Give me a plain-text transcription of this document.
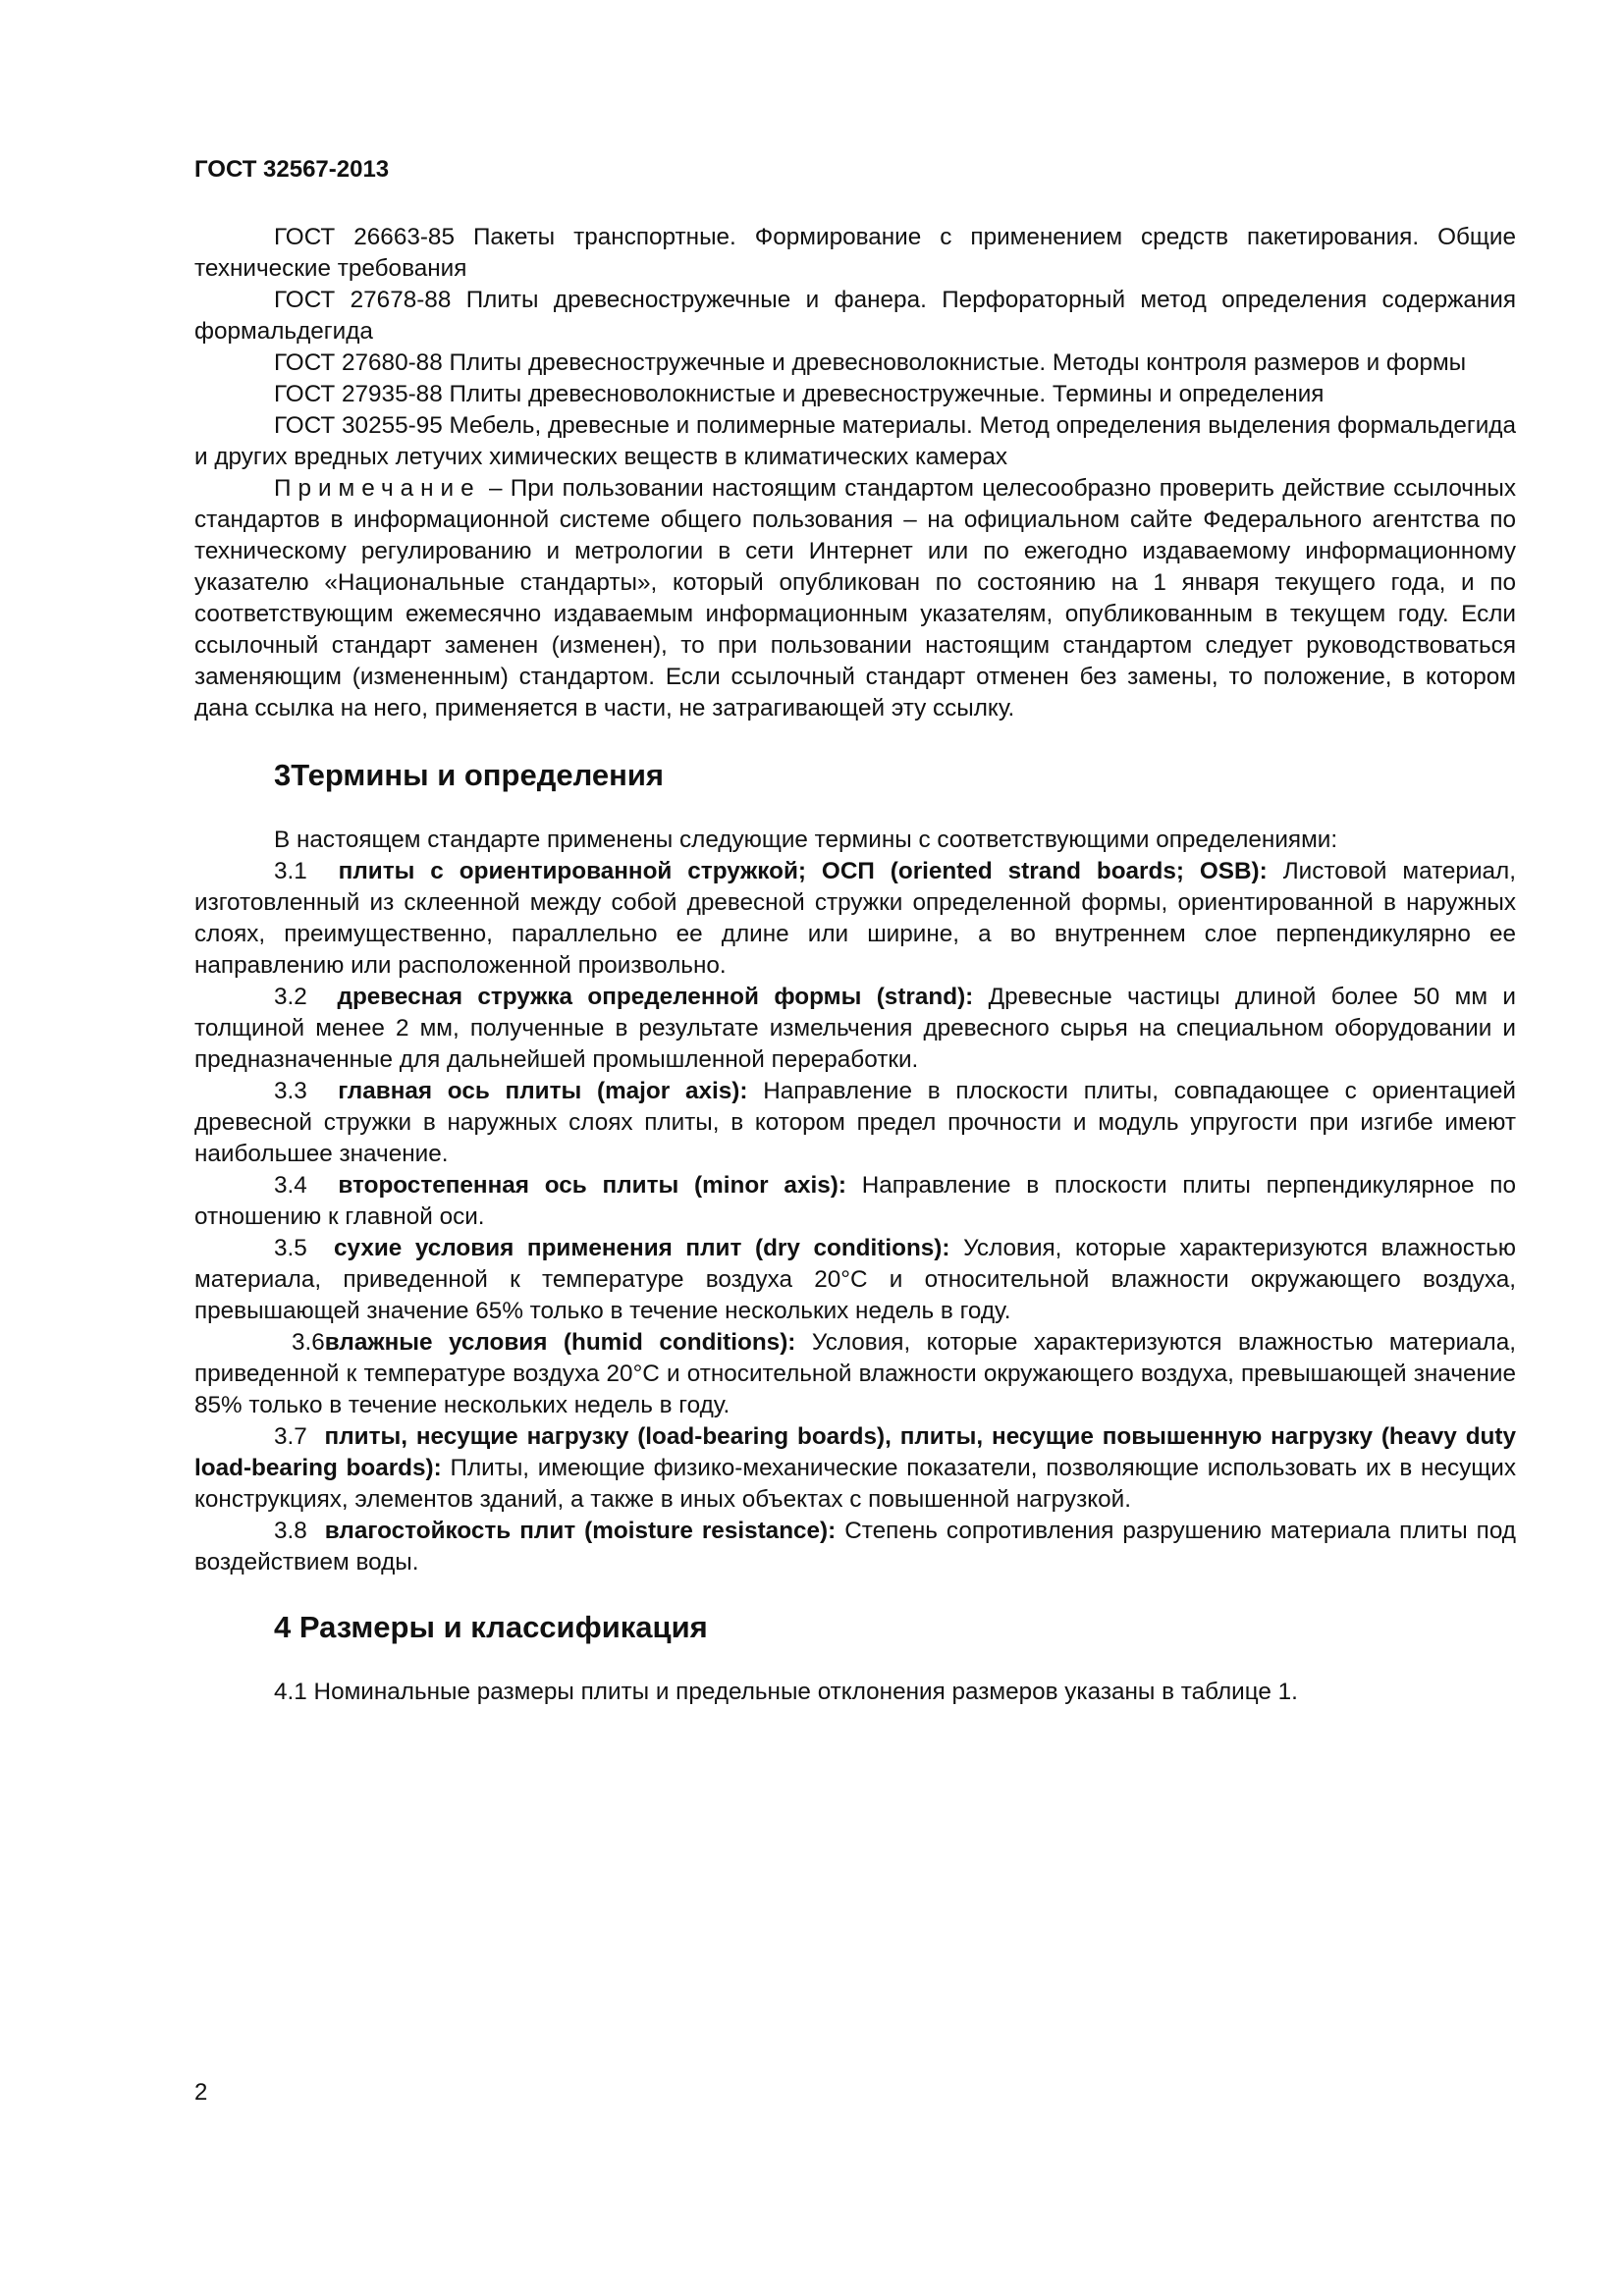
ГОСТ 32567-2013

ГОСТ 26663-85 Пакеты транспортные. Формирование с применением средств пакетирования. Общие технические требования

ГОСТ 27678-88 Плиты древесностружечные и фанера. Перфораторный метод определения содержания формальдегида

ГОСТ 27680-88 Плиты древесностружечные и древесноволокнистые. Методы контроля размеров и формы

ГОСТ 27935-88 Плиты древесноволокнистые и древесностружечные. Термины и определения

ГОСТ 30255-95 Мебель, древесные и полимерные материалы. Метод определения выделения формальдегида и других вредных летучих химических веществ в климатических камерах

Примечание – При пользовании настоящим стандартом целесообразно проверить действие ссылочных стандартов в информационной системе общего пользования – на официальном сайте Федерального агентства по техническому регулированию и метрологии в сети Интернет или по ежегодно издаваемому информационному указателю «Национальные стандарты», который опубликован по состоянию на 1 января текущего года, и по соответствующим ежемесячно издаваемым информационным указателям, опубликованным в текущем году. Если ссылочный стандарт заменен (изменен), то при пользовании настоящим стандартом следует руководствоваться заменяющим (измененным) стандартом. Если ссылочный стандарт отменен без замены, то положение, в котором дана ссылка на него, применяется в части, не затрагивающей эту ссылку.

3Термины и определения

В настоящем стандарте применены следующие термины с соответствующими определениями:

3.1 плиты с ориентированной стружкой; ОСП (oriented strand boards; OSB): Листовой материал, изготовленный из склеенной между собой древесной стружки определенной формы, ориентированной в наружных слоях, преимущественно, параллельно ее длине или ширине, а во внутреннем слое перпендикулярно ее направлению или расположенной произвольно.

3.2 древесная стружка определенной формы (strand): Древесные частицы длиной более 50 мм и толщиной менее 2 мм, полученные в результате измельчения древесного сырья на специальном оборудовании и предназначенные для дальнейшей промышленной переработки.

3.3 главная ось плиты (major axis): Направление в плоскости плиты, совпадающее с ориентацией древесной стружки в наружных слоях плиты, в котором предел прочности и модуль упругости при изгибе имеют наибольшее значение.

3.4 второстепенная ось плиты (minor axis): Направление в плоскости плиты перпендикулярное по отношению к главной оси.

3.5 сухие условия применения плит (dry conditions): Условия, которые характеризуются влажностью материала, приведенной к температуре воздуха 20°С и относительной влажности окружающего воздуха, превышающей значение 65% только в течение нескольких недель в году.

3.6влажные условия (humid conditions): Условия, которые характеризуются влажностью материала, приведенной к температуре воздуха 20°С и относительной влажности окружающего воздуха, превышающей значение 85% только в течение нескольких недель в году.

3.7 плиты, несущие нагрузку (load-bearing boards), плиты, несущие повышенную нагрузку (heavy duty load-bearing boards): Плиты, имеющие физико-механические показатели, позволяющие использовать их в несущих конструкциях, элементов зданий, а также в иных объектах с повышенной нагрузкой.

3.8 влагостойкость плит (moisture resistance): Степень сопротивления разрушению материала плиты под воздействием воды.

4 Размеры и классификация

4.1 Номинальные размеры плиты и предельные отклонения размеров указаны в таблице 1.

2
